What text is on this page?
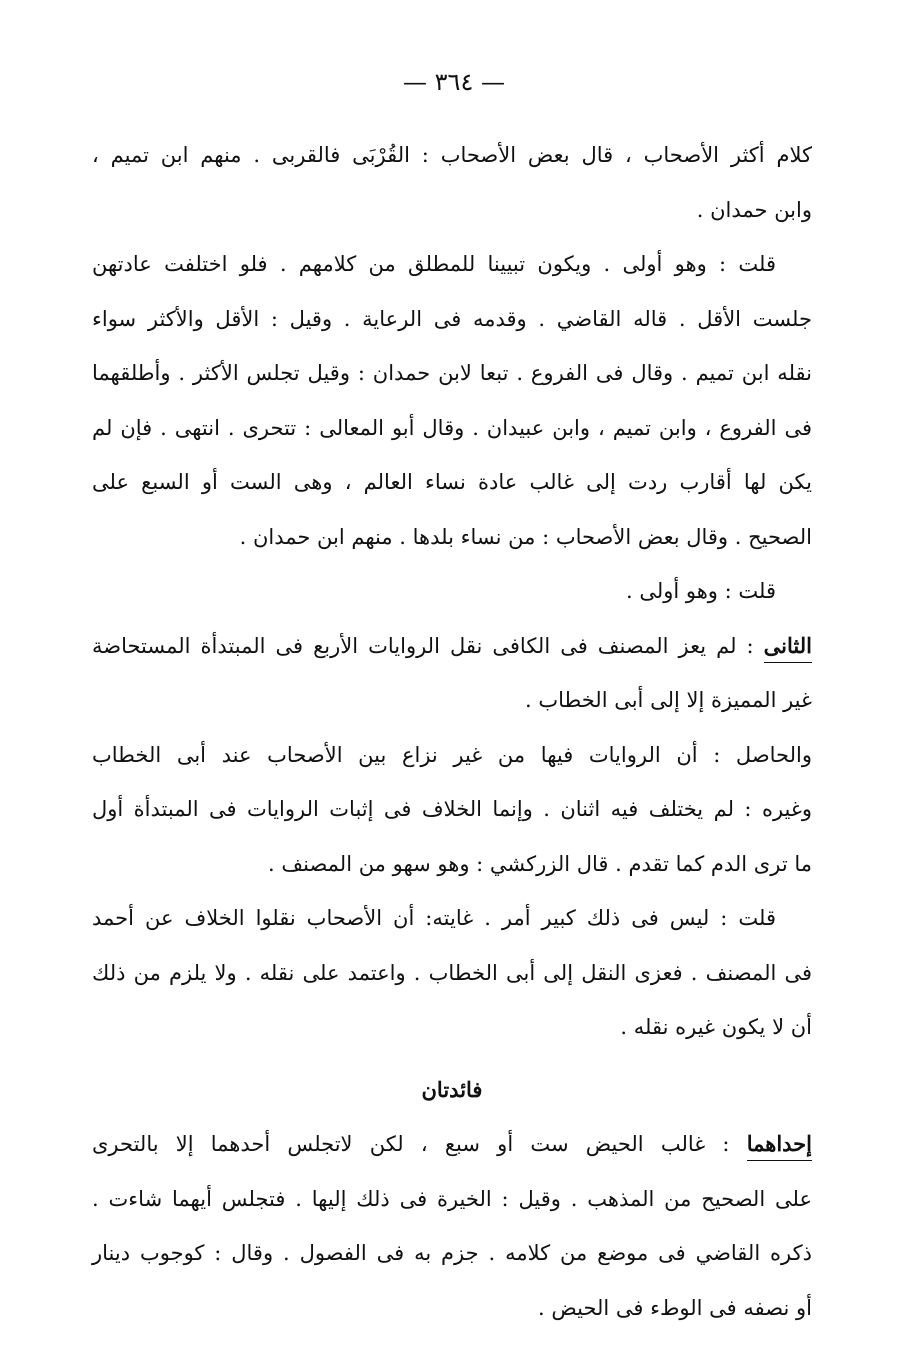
— ٣٦٤ —
كلام أكثر الأصحاب ، قال بعض الأصحاب : القُرْبَى فالقربى . منهم ابن تميم ،
وابن حمدان .
قلت : وهو أولى . ويكون تبيينا للمطلق من كلامهم . فلو اختلفت عادتهن
جلست الأقل . قاله القاضي . وقدمه فى الرعاية . وقيل : الأقل والأكثر سواء
نقله ابن تميم . وقال فى الفروع . تبعا لابن حمدان : وقيل تجلس الأكثر . وأطلقهما
فى الفروع ، وابن تميم ، وابن عبيدان . وقال أبو المعالى : تتحرى . انتهى . فإن لم
يكن لها أقارب ردت إلى غالب عادة نساء العالم ، وهى الست أو السبع على
الصحيح . وقال بعض الأصحاب : من نساء بلدها . منهم ابن حمدان .
قلت : وهو أولى .
الثانى : لم يعز المصنف فى الكافى نقل الروايات الأربع فى المبتدأة المستحاضة
غير المميزة إلا إلى أبى الخطاب .
والحاصل : أن الروايات فيها من غير نزاع بين الأصحاب عند أبى الخطاب
وغيره : لم يختلف فيه اثنان . وإنما الخلاف فى إثبات الروايات فى المبتدأة أول
ما ترى الدم كما تقدم . قال الزركشي : وهو سهو من المصنف .
قلت : ليس فى ذلك كبير أمر . غايته: أن الأصحاب نقلوا الخلاف عن أحمد
فى المصنف . فعزى النقل إلى أبى الخطاب . واعتمد على نقله . ولا يلزم من ذلك
أن لا يكون غيره نقله .
فائدتان
إحداهما : غالب الحيض ست أو سبع ، لكن لاتجلس أحدهما إلا بالتحرى
على الصحيح من المذهب . وقيل : الخيرة فى ذلك إليها . فتجلس أيهما شاءت .
ذكره القاضي فى موضع من كلامه . جزم به فى الفصول . وقال : كوجوب دينار
أو نصفه فى الوطء فى الحيض .
